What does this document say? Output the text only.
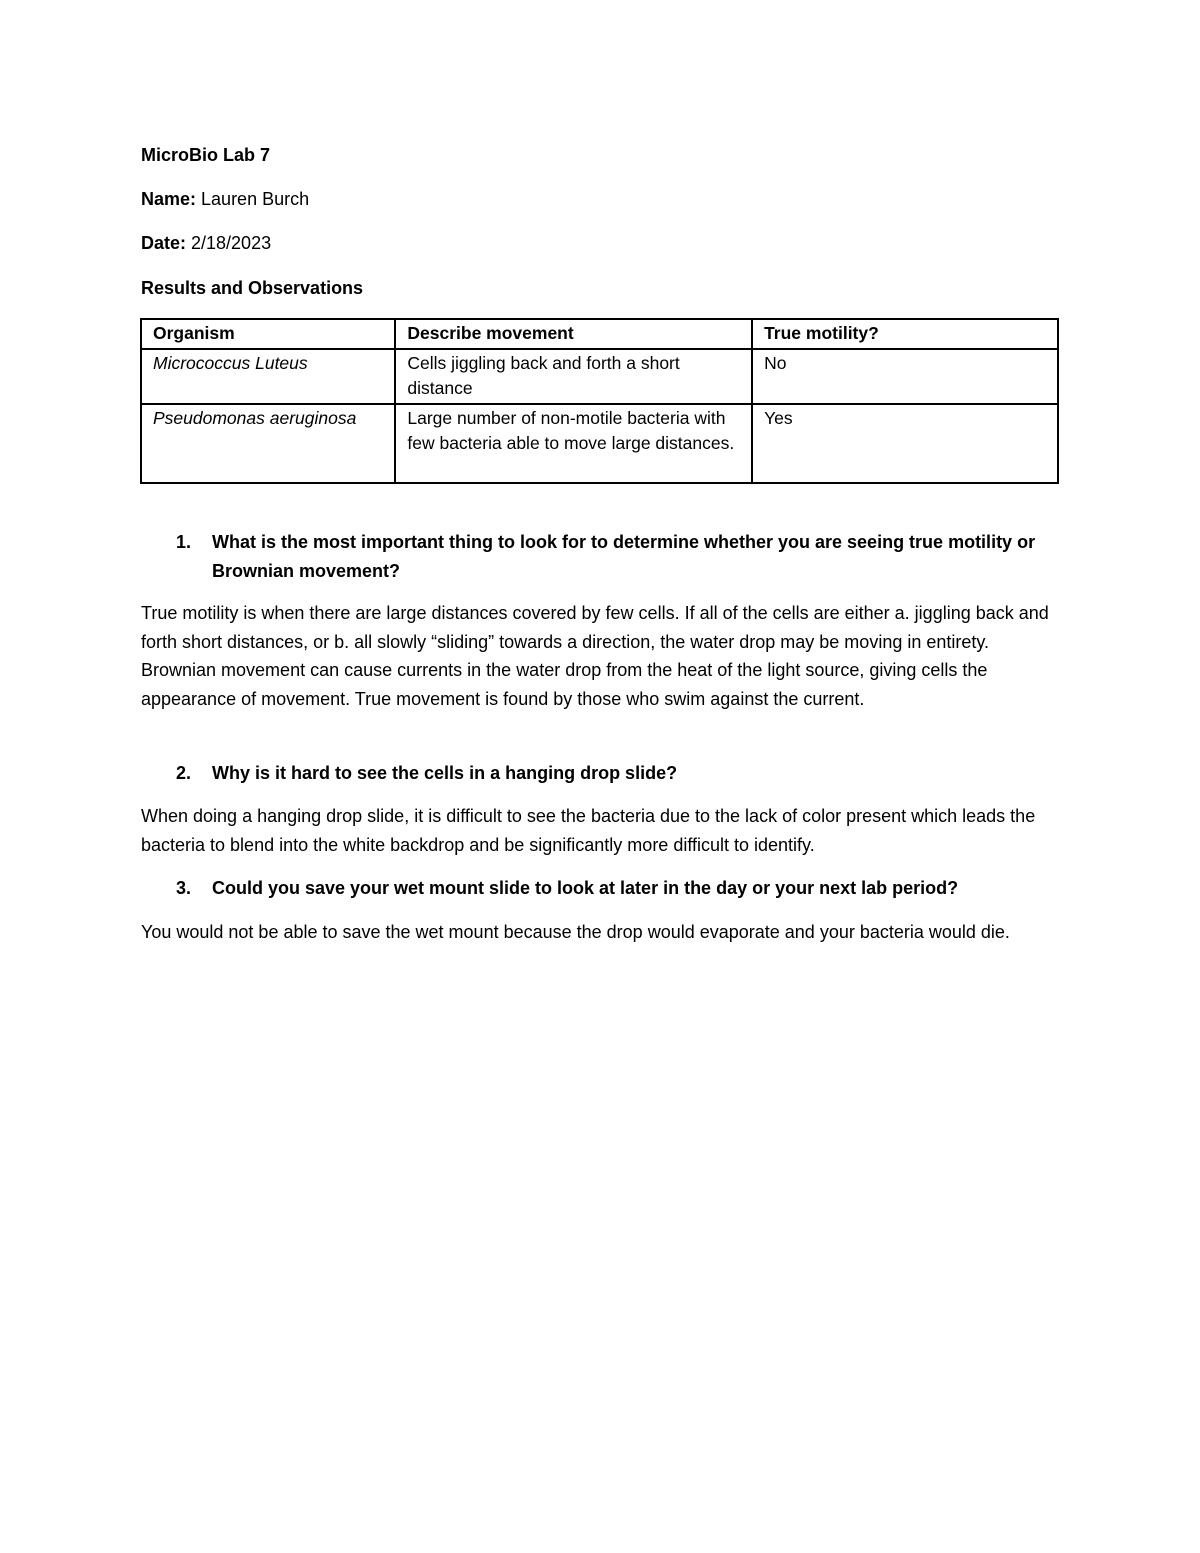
MicroBio Lab 7
Name: Lauren Burch
Date: 2/18/2023
Results and Observations
Organism	Describe movement	True motility?
Micrococcus Luteus	Cells jiggling back and forth a short distance	No
Pseudomonas aeruginosa	Large number of non-motile bacteria with few bacteria able to move large distances.	Yes
1.	What is the most important thing to look for to determine whether you are seeing true motility or Brownian movement?
True motility is when there are large distances covered by few cells. If all of the cells are either a. jiggling back and forth short distances, or b. all slowly “sliding” towards a direction, the water drop may be moving in entirety. Brownian movement can cause currents in the water drop from the heat of the light source, giving cells the appearance of movement. True movement is found by those who swim against the current.
2.	Why is it hard to see the cells in a hanging drop slide?
When doing a hanging drop slide, it is difficult to see the bacteria due to the lack of color present which leads the bacteria to blend into the white backdrop and be significantly more difficult to identify.
3.	Could you save your wet mount slide to look at later in the day or your next lab period?
You would not be able to save the wet mount because the drop would evaporate and your bacteria would die.
